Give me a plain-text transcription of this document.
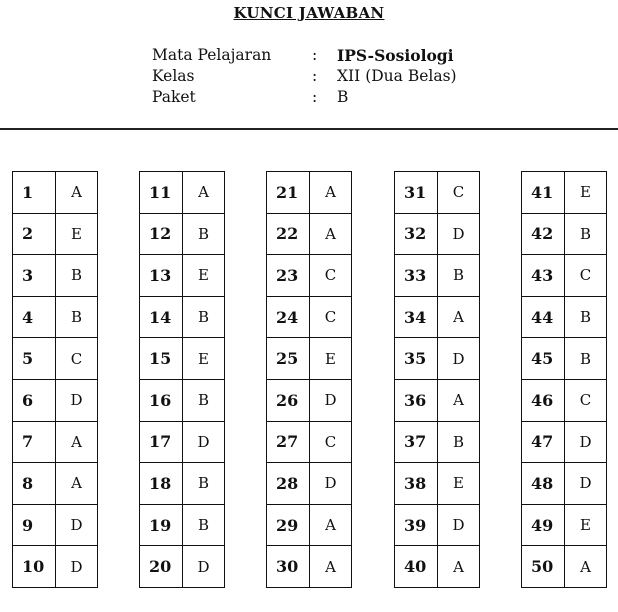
KUNCI JAWABAN
Mata Pelajaran	:	IPS-Sosiologi
Kelas	:	XII (Dua Belas)
Paket	:	B
1	A
2	E
3	B
4	B
5	C
6	D
7	A
8	A
9	D
10	D
11	A
12	B
13	E
14	B
15	E
16	B
17	D
18	B
19	B
20	D
21	A
22	A
23	C
24	C
25	E
26	D
27	C
28	D
29	A
30	A
31	C
32	D
33	B
34	A
35	D
36	A
37	B
38	E
39	D
40	A
41	E
42	B
43	C
44	B
45	B
46	C
47	D
48	D
49	E
50	A
